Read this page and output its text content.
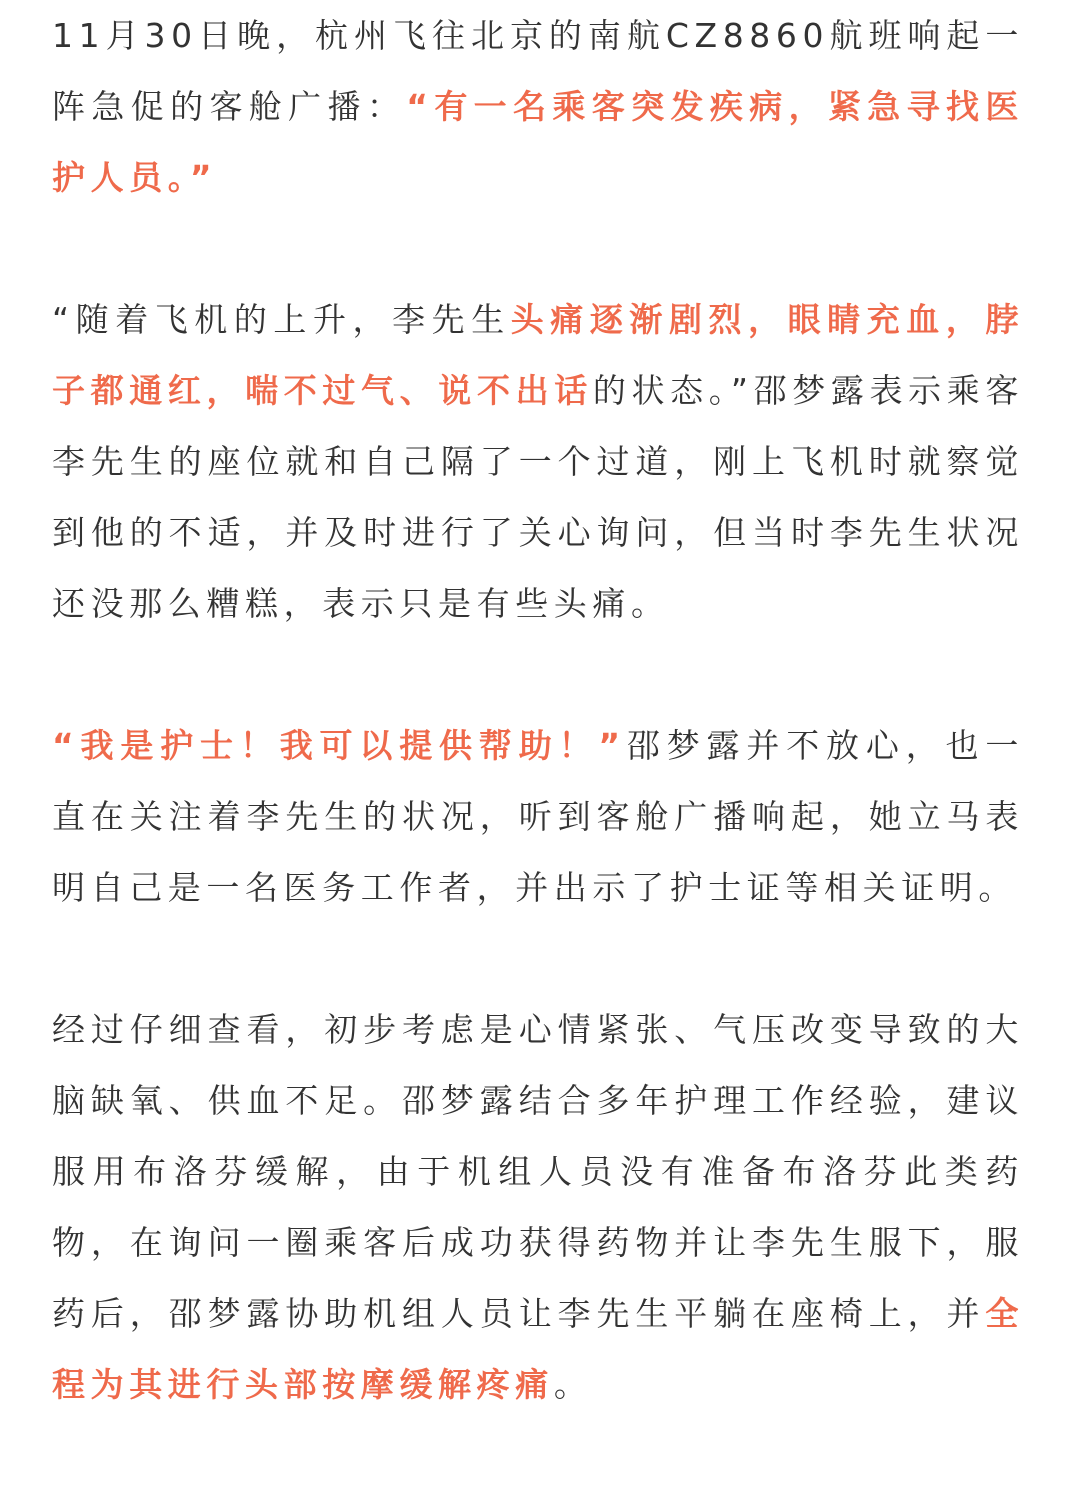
11月30日晚，杭州飞往北京的南航CZ8860航班响起一阵急促的客舱广播：“有一名乘客突发疾病，紧急寻找医护人员。”

“随着飞机的上升，李先生头痛逐渐剧烈，眼睛充血，脖子都通红，喘不过气、说不出话的状态。”邵梦露表示乘客李先生的座位就和自己隔了一个过道，刚上飞机时就察觉到他的不适，并及时进行了关心询问，但当时李先生状况还没那么糟糕，表示只是有些头痛。

“我是护士！我可以提供帮助！”邵梦露并不放心，也一直在关注着李先生的状况，听到客舱广播响起，她立马表明自己是一名医务工作者，并出示了护士证等相关证明。

经过仔细查看，初步考虑是心情紧张、气压改变导致的大脑缺氧、供血不足。邵梦露结合多年护理工作经验，建议服用布洛芬缓解，由于机组人员没有准备布洛芬此类药物，在询问一圈乘客后成功获得药物并让李先生服下，服药后，邵梦露协助机组人员让李先生平躺在座椅上，并全程为其进行头部按摩缓解疼痛。
